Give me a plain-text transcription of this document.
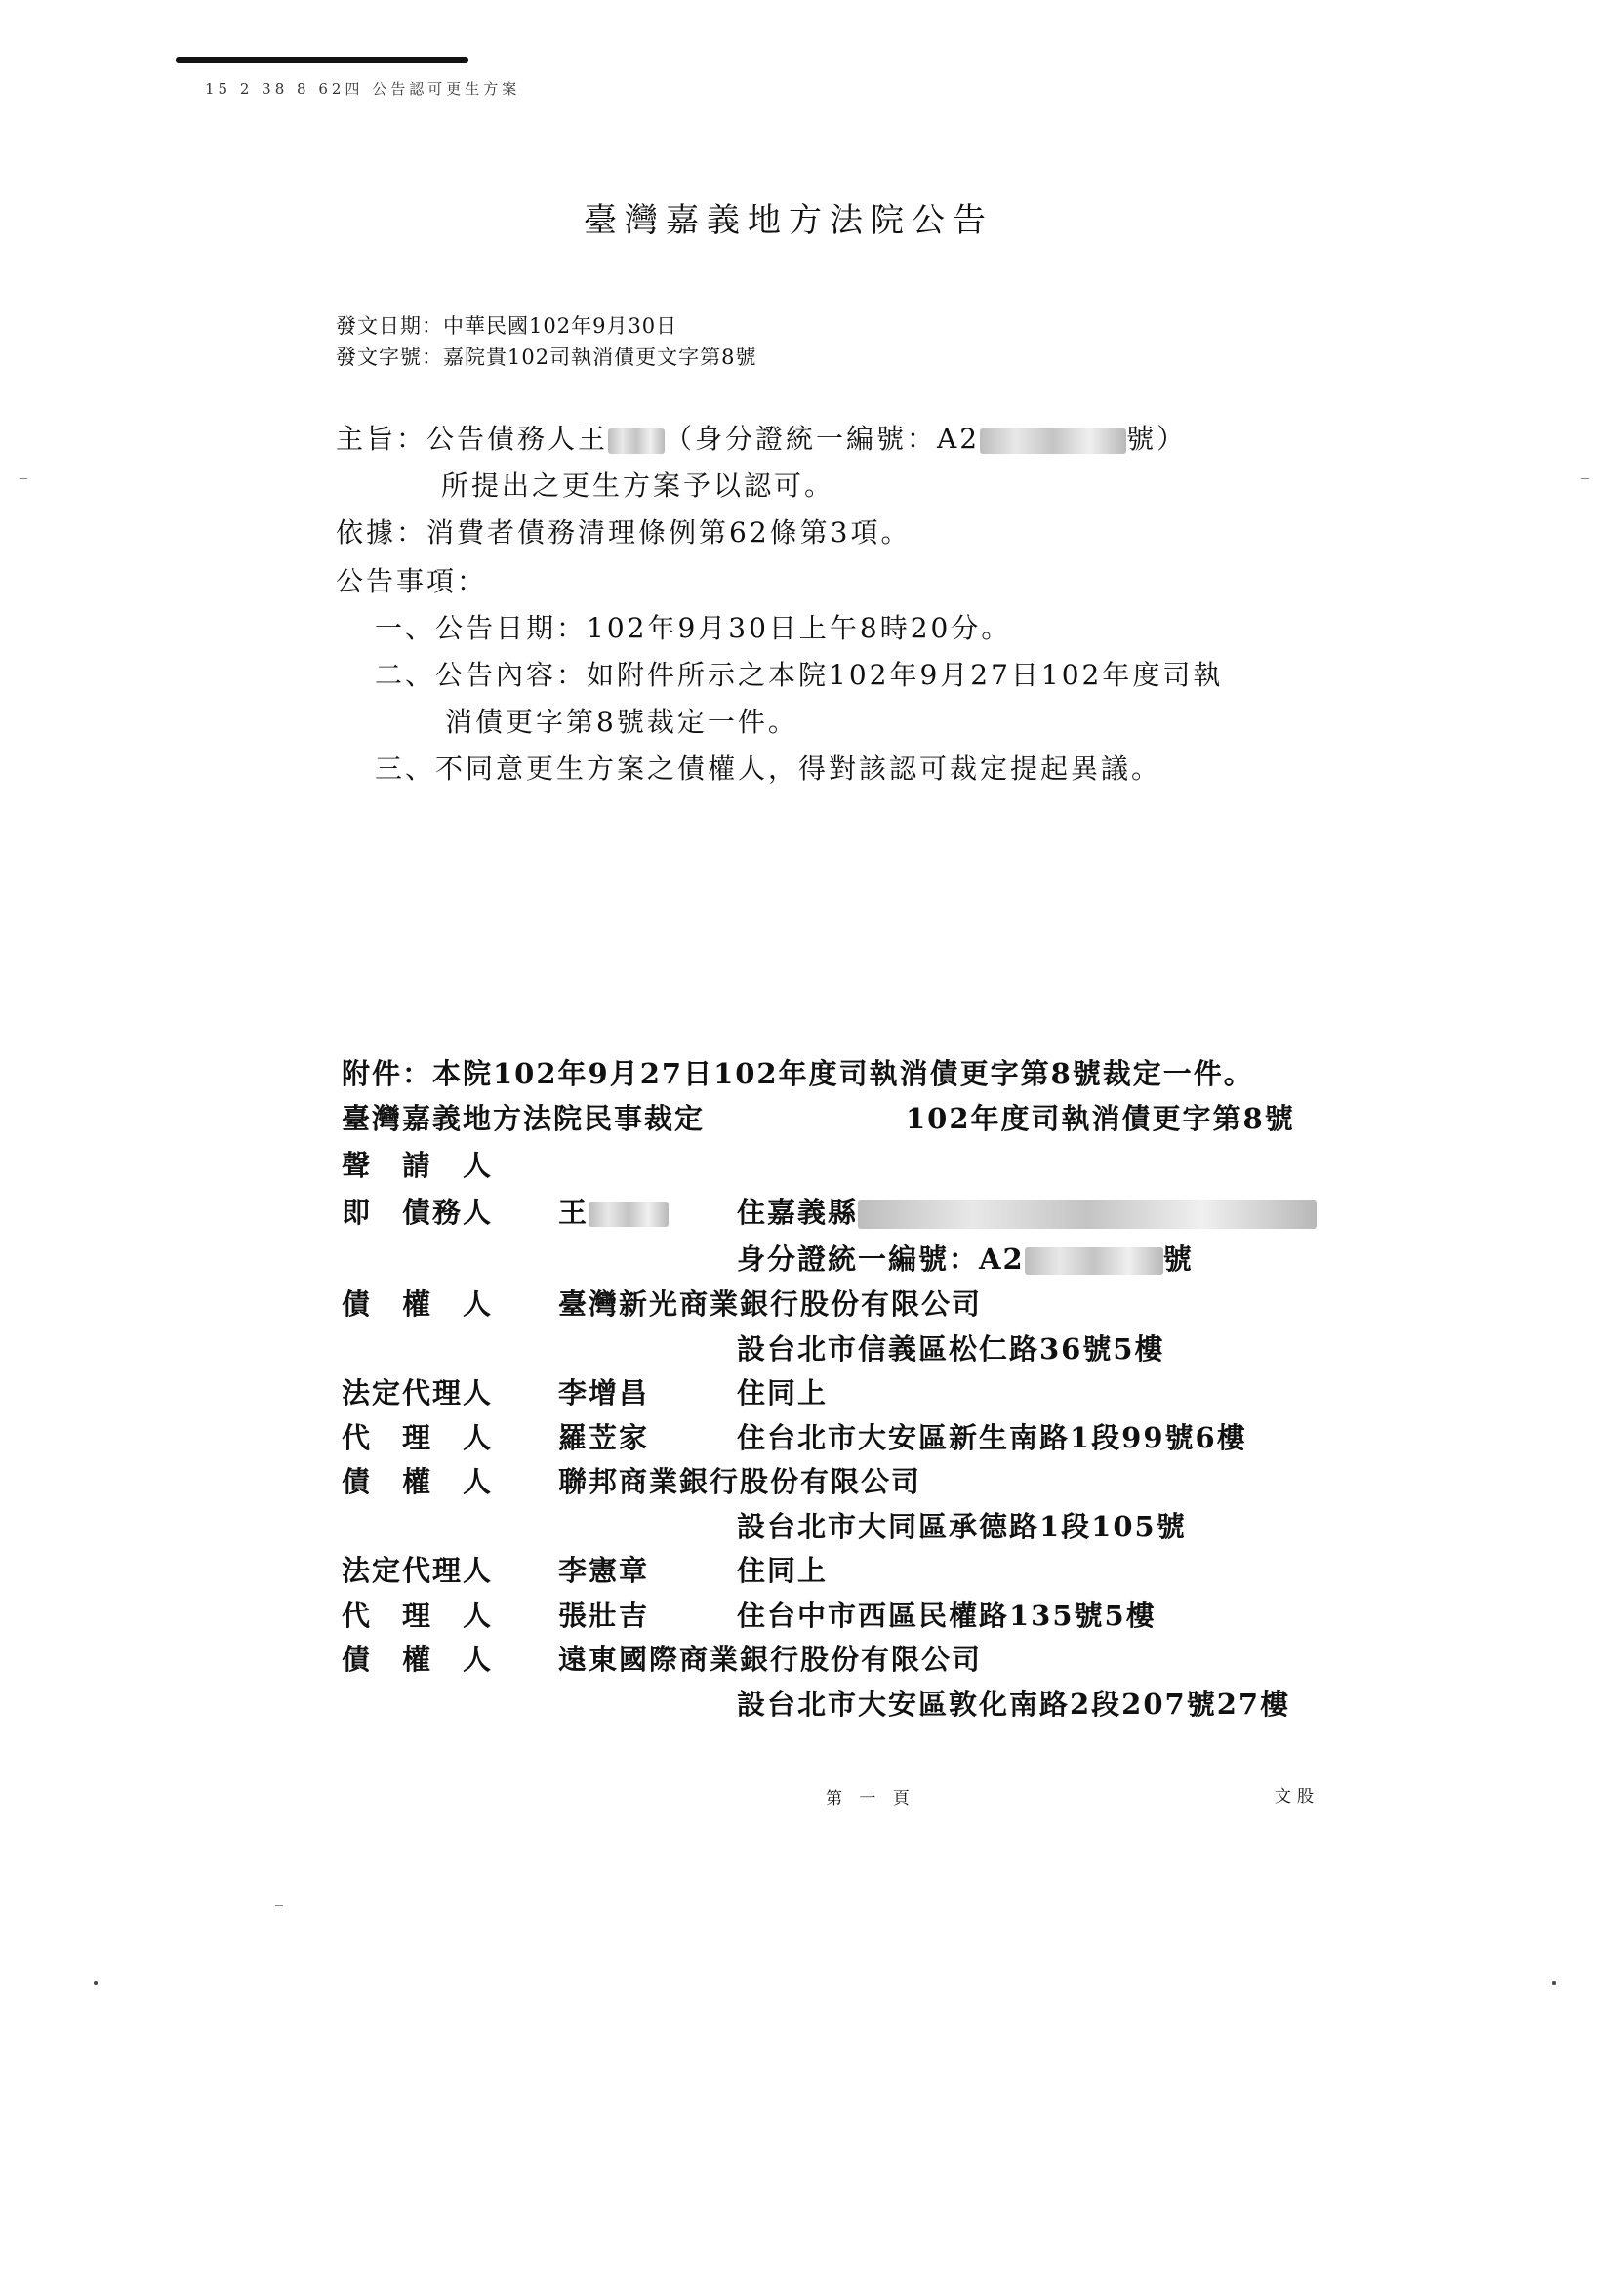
15 2 38 8 62四 公告認可更生方案
臺灣嘉義地方法院公告
發文日期：中華民國102年9月30日
發文字號：嘉院貴102司執消債更文字第8號
主旨：公告債務人王 （身分證統一編號：A2	號）
所提出之更生方案予以認可。
依據：消費者債務清理條例第62條第3項。
公告事項：
一、公告日期：102年9月30日上午8時20分。
二、公告內容：如附件所示之本院102年9月27日102年度司執
消債更字第8號裁定一件。
三、不同意更生方案之債權人，得對該認可裁定提起異議。
附件：本院102年9月27日102年度司執消債更字第8號裁定一件。
臺灣嘉義地方法院民事裁定	102年度司執消債更字第8號
聲　請　人
即　債務人 王	住嘉義縣
身分證統一編號：A2	號
債　權　人 臺灣新光商業銀行股份有限公司
設台北市信義區松仁路36號5樓
法定代理人 李增昌	住同上
代　理　人 羅苙家	住台北市大安區新生南路1段99號6樓
債　權　人 聯邦商業銀行股份有限公司
設台北市大同區承德路1段105號
法定代理人 李憲章	住同上
代　理　人 張壯吉	住台中市西區民權路135號5樓
債　權　人 遠東國際商業銀行股份有限公司
設台北市大安區敦化南路2段207號27樓
第 一 頁	文股
